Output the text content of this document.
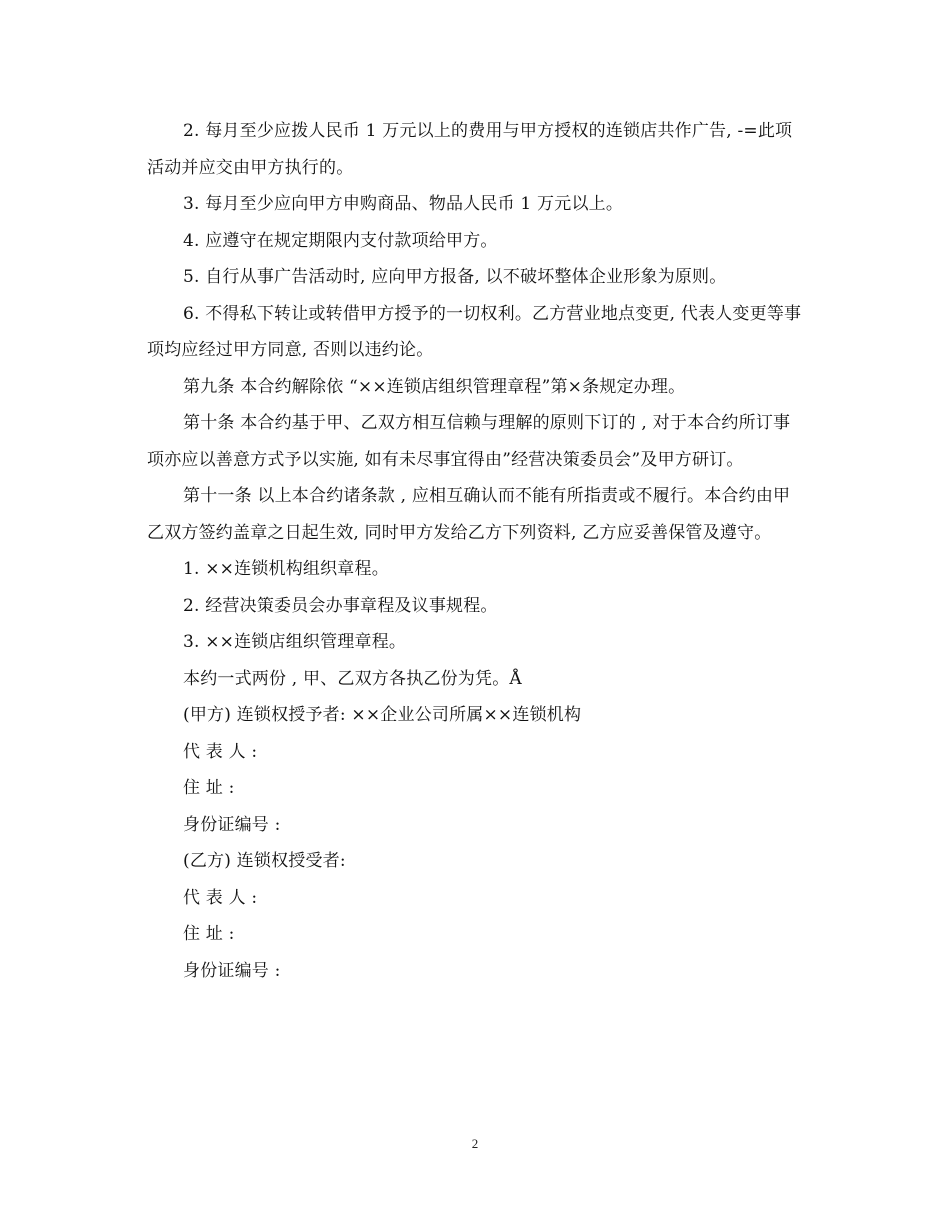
2. 每月至少应拨人民币 1 万元以上的费用与甲方授权的连锁店共作广告, -=此项活动并应交由甲方执行的。

3. 每月至少应向甲方申购商品、物品人民币 1 万元以上。

4. 应遵守在规定期限内支付款项给甲方。

5. 自行从事广告活动时, 应向甲方报备, 以不破坏整体企业形象为原则。

6. 不得私下转让或转借甲方授予的一切权利。乙方营业地点变更, 代表人变更等事项均应经过甲方同意, 否则以违约论。

第九条 本合约解除依 “××连锁店组织管理章程”第×条规定办理。

第十条 本合约基于甲、乙双方相互信赖与理解的原则下订的 , 对于本合约所订事项亦应以善意方式予以实施, 如有未尽事宜得由”经营决策委员会”及甲方研订。

第十一条 以上本合约诸条款 , 应相互确认而不能有所指责或不履行。本合约由甲乙双方签约盖章之日起生效, 同时甲方发给乙方下列资料, 乙方应妥善保管及遵守。

1. ××连锁机构组织章程。

2. 经营决策委员会办事章程及议事规程。

3. ××连锁店组织管理章程。

本约一式两份 , 甲、乙双方各执乙份为凭。Å

(甲方) 连锁权授予者: ××企业公司所属××连锁机构

代 表 人 :

住 址 :

身份证编号 :

(乙方) 连锁权授受者:

代 表 人 :

住 址 :

身份证编号 :

2
